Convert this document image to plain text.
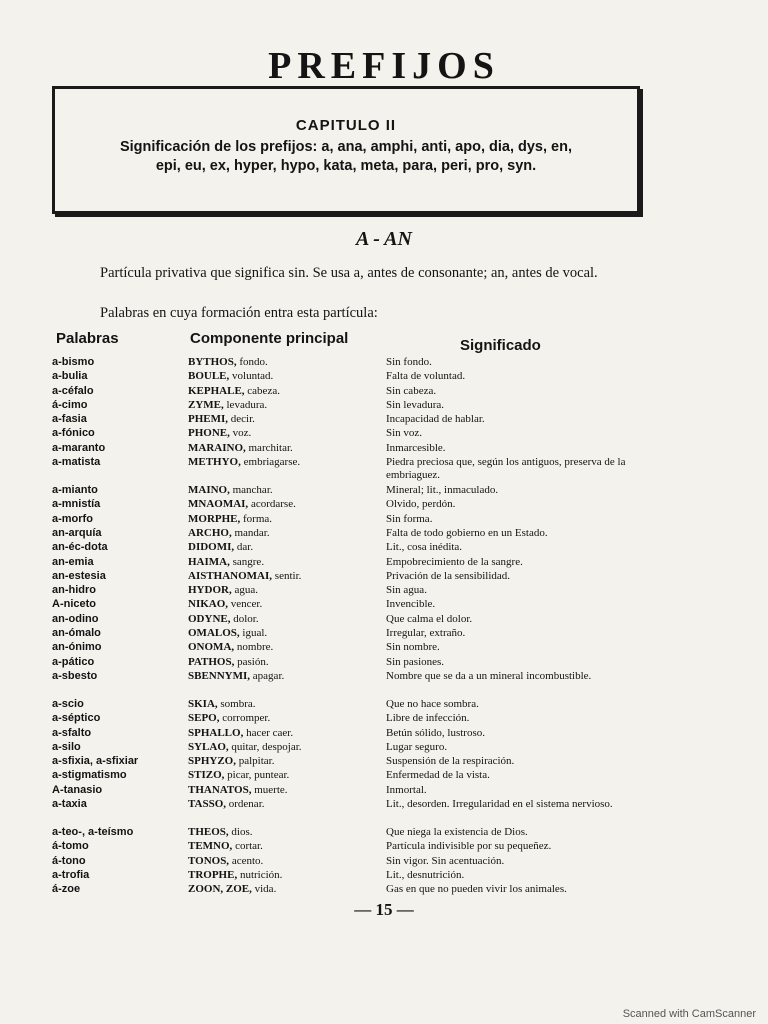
PREFIJOS
CAPITULO II
Significación de los prefijos: a, ana, amphi, anti, apo, dia, dys, en, epi, eu, ex, hyper, hypo, kata, meta, para, peri, pro, syn.
A - AN
Partícula privativa que significa sin. Se usa a, antes de consonante; an, antes de vocal.
Palabras en cuya formación entra esta partícula:
Palabras	Componente principal	Significado
a-bismo	BYTHOS, fondo.	Sin fondo.
a-bulia	BOULE, voluntad.	Falta de voluntad.
a-céfalo	KEPHALE, cabeza.	Sin cabeza.
á-cimo	ZYME, levadura.	Sin levadura.
a-fasia	PHEMI, decir.	Incapacidad de hablar.
a-fónico	PHONE, voz.	Sin voz.
a-maranto	MARAINO, marchitar.	Inmarcesible.
a-matista	METHYO, embriagarse.	Piedra preciosa que, según los antiguos, preserva de la embriaguez.
a-mianto	MAINO, manchar.	Mineral; lit., inmaculado.
a-mnistía	MNAOMAI, acordarse.	Olvido, perdón.
a-morfo	MORPHE, forma.	Sin forma.
an-arquía	ARCHO, mandar.	Falta de todo gobierno en un Estado.
an-éc-dota	DIDOMI, dar.	Lit., cosa inédita.
an-emia	HAIMA, sangre.	Empobrecimiento de la sangre.
an-estesia	AISTHANOMAI, sentir.	Privación de la sensibilidad.
an-hidro	HYDOR, agua.	Sin agua.
A-niceto	NIKAO, vencer.	Invencible.
an-odino	ODYNE, dolor.	Que calma el dolor.
an-ómalo	OMALOS, igual.	Irregular, extraño.
an-ónimo	ONOMA, nombre.	Sin nombre.
a-pático	PATHOS, pasión.	Sin pasiones.
a-sbesto	SBENNYMI, apagar.	Nombre que se da a un mineral incombustible.
a-scio	SKIA, sombra.	Que no hace sombra.
a-séptico	SEPO, corromper.	Libre de infección.
a-sfalto	SPHALLO, hacer caer.	Betún sólido, lustroso.
a-silo	SYLAO, quitar, despojar.	Lugar seguro.
a-sfixia, a-sfixiar	SPHYZO, palpitar.	Suspensión de la respiración.
a-stigmatismo	STIZO, picar, puntear.	Enfermedad de la vista.
A-tanasio	THANATOS, muerte.	Inmortal.
a-taxia	TASSO, ordenar.	Lit., desorden. Irregularidad en el sistema nervioso.
a-teo-, a-teísmo	THEOS, dios.	Que niega la existencia de Dios.
á-tomo	TEMNO, cortar.	Partícula indivisible por su pequeñez.
á-tono	TONOS, acento.	Sin vigor. Sin acentuación.
a-trofia	TROPHE, nutrición.	Lit., desnutrición.
á-zoe	ZOON, ZOE, vida.	Gas en que no pueden vivir los animales.
— 15 —
Scanned with CamScanner
